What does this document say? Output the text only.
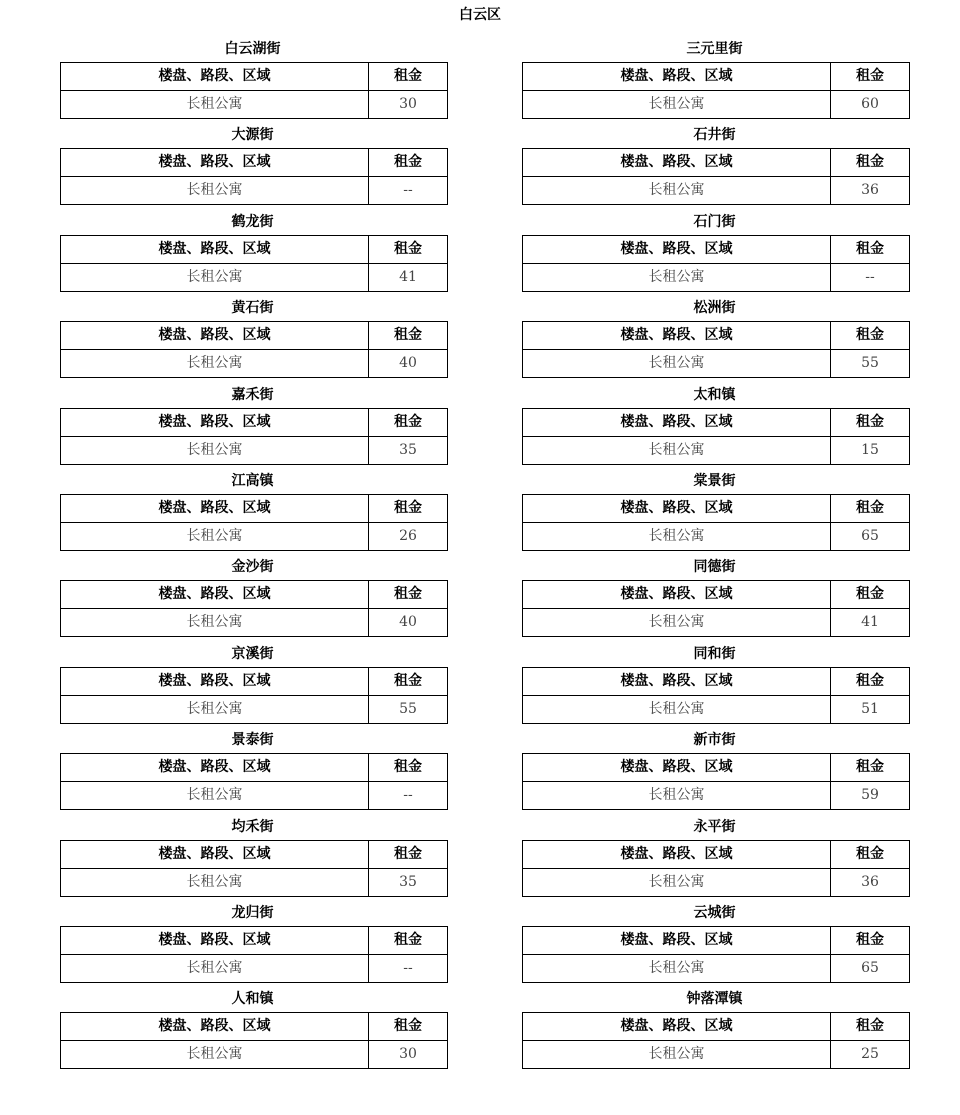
白云区
白云湖街
楼盘、路段、区域	租金
长租公寓	30
大源街
楼盘、路段、区域	租金
长租公寓	--
鹤龙街
楼盘、路段、区域	租金
长租公寓	41
黄石街
楼盘、路段、区域	租金
长租公寓	40
嘉禾街
楼盘、路段、区域	租金
长租公寓	35
江高镇
楼盘、路段、区域	租金
长租公寓	26
金沙街
楼盘、路段、区域	租金
长租公寓	40
京溪街
楼盘、路段、区域	租金
长租公寓	55
景泰街
楼盘、路段、区域	租金
长租公寓	--
均禾街
楼盘、路段、区域	租金
长租公寓	35
龙归街
楼盘、路段、区域	租金
长租公寓	--
人和镇
楼盘、路段、区域	租金
长租公寓	30
三元里街
楼盘、路段、区域	租金
长租公寓	60
石井街
楼盘、路段、区域	租金
长租公寓	36
石门街
楼盘、路段、区域	租金
长租公寓	--
松洲街
楼盘、路段、区域	租金
长租公寓	55
太和镇
楼盘、路段、区域	租金
长租公寓	15
棠景街
楼盘、路段、区域	租金
长租公寓	65
同德街
楼盘、路段、区域	租金
长租公寓	41
同和街
楼盘、路段、区域	租金
长租公寓	51
新市街
楼盘、路段、区域	租金
长租公寓	59
永平街
楼盘、路段、区域	租金
长租公寓	36
云城街
楼盘、路段、区域	租金
长租公寓	65
钟落潭镇
楼盘、路段、区域	租金
长租公寓	25
